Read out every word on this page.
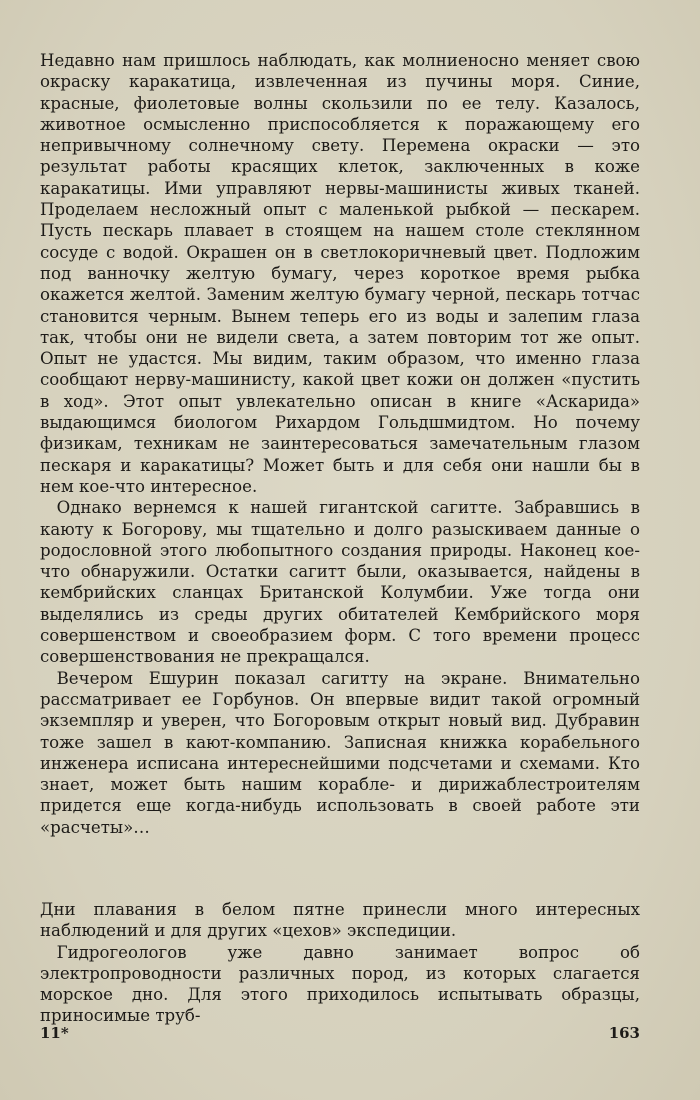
Недавно нам пришлось наблюдать, как молниеносно меняет свою окраску каракатица, извлеченная из пучины моря. Синие, красные, фиолетовые волны скользили по ее телу. Казалось, животное осмысленно приспособляется к поражающему его непривычному солнечному свету. Перемена окраски — это результат работы красящих клеток, заключенных в коже каракатицы. Ими управляют нервы-машинисты живых тканей. Проделаем несложный опыт с маленькой рыбкой — пескарем. Пусть пескарь плавает в стоящем на нашем столе стеклянном сосуде с водой. Окрашен он в светлокоричневый цвет. Подложим под ванночку желтую бумагу, через короткое время рыбка окажется желтой. Заменим желтую бумагу черной, пескарь тотчас становится черным. Вынем теперь его из воды и залепим глаза так, чтобы они не видели света, а затем повторим тот же опыт. Опыт не удастся. Мы видим, таким образом, что именно глаза сообщают нерву-машинисту, какой цвет кожи он должен «пустить в ход». Этот опыт увлекательно описан в книге «Аскарида» выдающимся биологом Рихардом Гольдшмидтом. Но почему физикам, техникам не заинтересоваться замечательным глазом пескаря и каракатицы? Может быть и для себя они нашли бы в нем кое-что интересное.

Однако вернемся к нашей гигантской сагитте. Забравшись в каюту к Богорову, мы тщательно и долго разыскиваем данные о родословной этого любопытного создания природы. Наконец кое-что обнаружили. Остатки сагитт были, оказывается, найдены в кембрийских сланцах Британской Колумбии. Уже тогда они выделялись из среды других обитателей Кембрийского моря совершенством и своеобразием форм. С того времени процесс совершенствования не прекращался.

Вечером Ешурин показал сагитту на экране. Внимательно рассматривает ее Горбунов. Он впервые видит такой огромный экземпляр и уверен, что Богоровым открыт новый вид. Дубравин тоже зашел в кают-компанию. Записная книжка корабельного инженера исписана интереснейшими подсчетами и схемами. Кто знает, может быть нашим корабле- и дирижаблестроителям придется еще когда-нибудь использовать в своей работе эти «расчеты»…

Дни плавания в белом пятне принесли много интересных наблюдений и для других «цехов» экспедиции.

Гидрогеологов уже давно занимает вопрос об электропроводности различных пород, из которых слагается морское дно. Для этого приходилось испытывать образцы, приносимые труб-

11*	163
